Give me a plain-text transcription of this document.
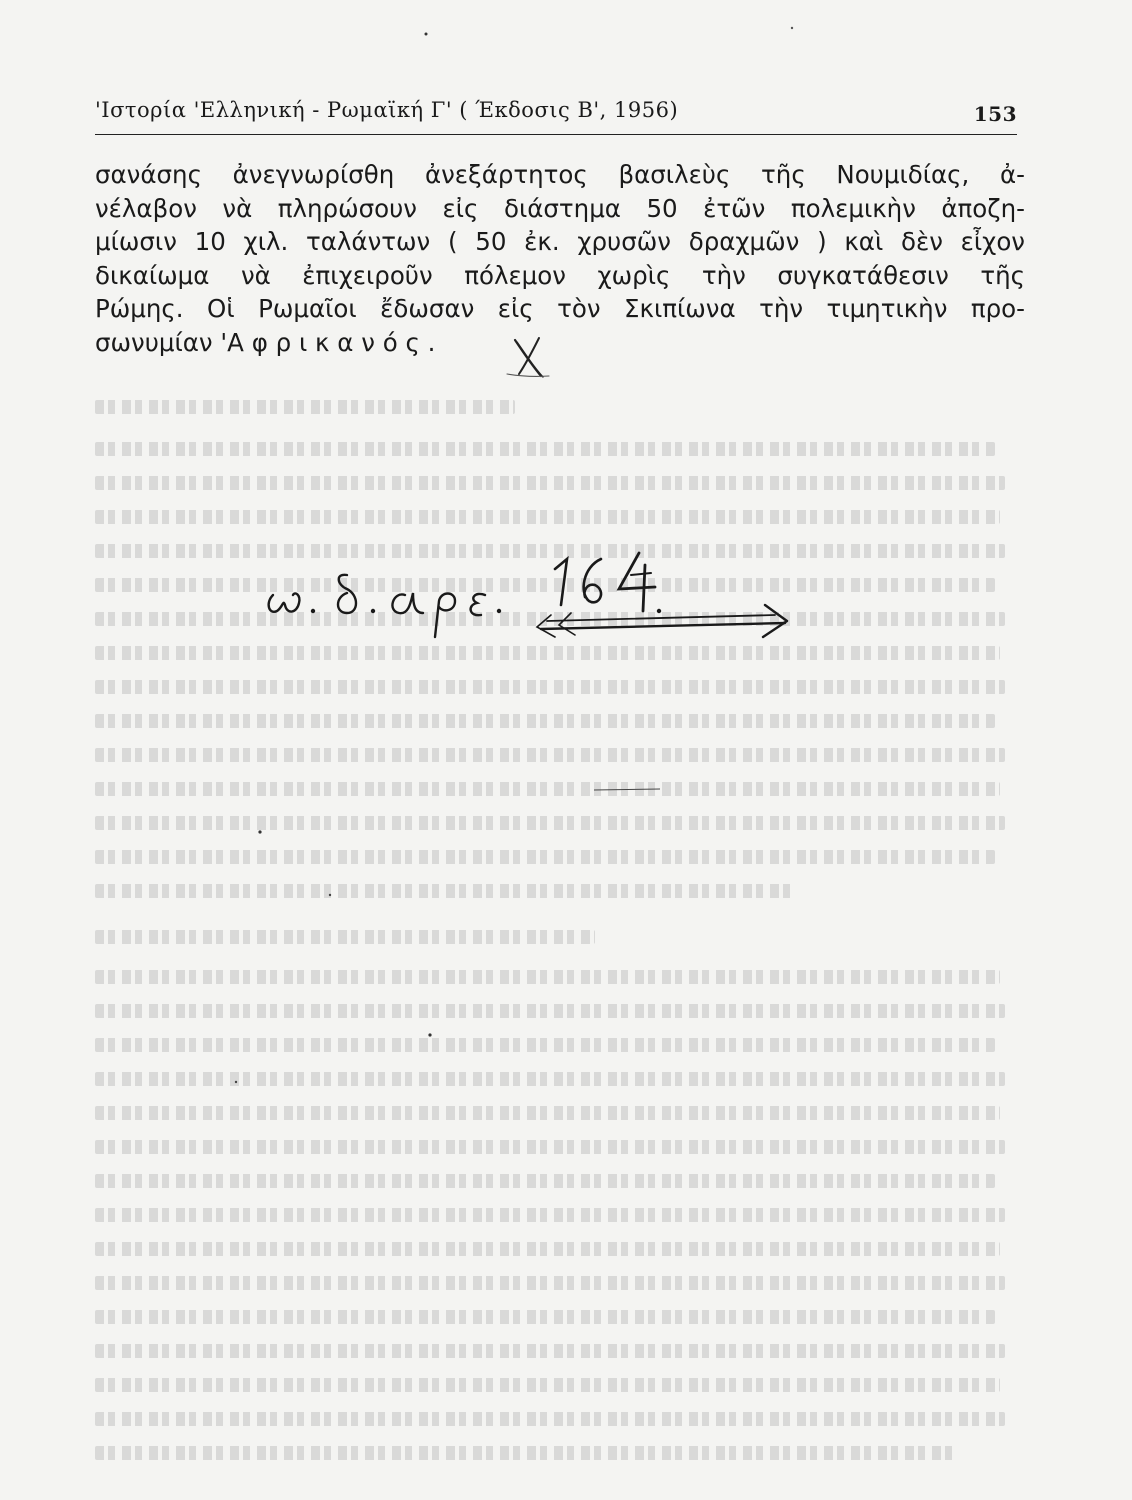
'Ιστορία 'Ελληνική - Ρωμαϊκή Γ' ( Έκδοσις Β', 1956)	153
σανάσης ἀνεγνωρίσθη ἀνεξάρτητος βασιλεὺς τῆς Νουμιδίας, ἀ-
νέλαβον νὰ πληρώσουν εἰς διάστημα 50 ἐτῶν πολεμικὴν ἀποζη-
μίωσιν 10 χιλ. ταλάντων ( 50 ἐκ. χρυσῶν δραχμῶν ) καὶ δὲν εἶχον
δικαίωμα νὰ ἐπιχειροῦν πόλεμον χωρὶς τὴν συγκατάθεσιν τῆς
Ρώμης. Οἱ Ρωμαῖοι ἔδωσαν εἰς τὸν Σκιπίωνα τὴν τιμητικὴν προ-
σωνυμίαν 'Α φ ρ ι κ α ν ό ς .
